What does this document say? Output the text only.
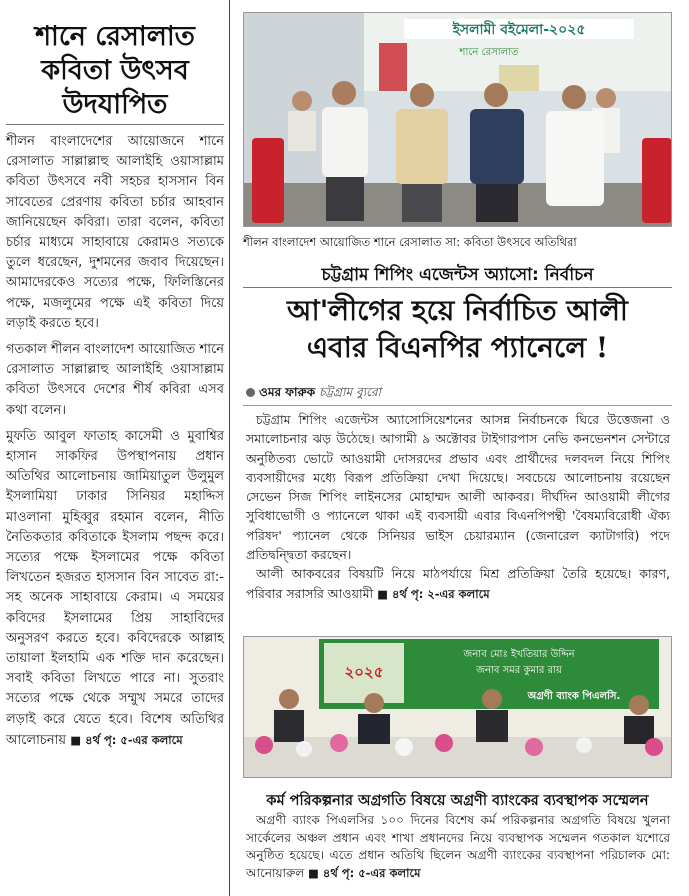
শানে রেসালাত
কবিতা উৎসব
উদযাপিত

শীলন বাংলাদেশের আয়োজনে শানে রেসালাত সাল্লাল্লাহু আলাইহি ওয়াসাল্লাম কবিতা উৎসবে নবী সহচর হাসসান বিন সাবেতের প্রেরণায় কবিতা চর্চার আহবান জানিয়েছেন কবিরা। তারা বলেন, কবিতা চর্চার মাধ্যমে সাহাবায়ে কেরামও সত্যকে তুলে ধরেছেন, দুশমনের জবাব দিয়েছেন। আমাদেরকেও সত্যের পক্ষে, ফিলিস্তিনের পক্ষে, মজলুমের পক্ষে এই কবিতা দিয়ে লড়াই করতে হবে।

গতকাল শীলন বাংলাদেশ আয়োজিত শানে রেসালাত সাল্লাল্লাহু আলাইহি ওয়াসাল্লাম কবিতা উৎসবে দেশের শীর্ষ কবিরা এসব কথা বলেন।

মুফতি আবুল ফাতাহ কাসেমী ও মুবাশ্বির হাসান সাকফির উপস্থাপনায় প্রধান অতিথির আলোচনায় জামিয়াতুল উলুমুল ইসলামিয়া ঢাকার সিনিয়র মহাদ্দিস মাওলানা মুহিব্বুর রহমান বলেন, নীতি নৈতিকতার কবিতাকে ইসলাম পছন্দ করে। সত্যের পক্ষে ইসলামের পক্ষে কবিতা লিখতেন হজরত হাসসান বিন সাবেত রা:-সহ অনেক সাহাবায়ে কেরাম। এ সময়ের কবিদের ইসলামের প্রিয় সাহাবিদের অনুসরণ করতে হবে। কবিদেরকে আল্লাহ তায়ালা ইলহামি এক শক্তি দান করেছেন। সবাই কবিতা লিখতে পারে না। সুতরাং সত্যের পক্ষে থেকে সম্মুখ সমরে তাদের লড়াই করে যেতে হবে। বিশেষ অতিথির আলোচনায় ■ ৪র্থ পৃ: ৫-এর কলামে

ইসলামী বইমেলা-২০২৫
শানে রেসালাত
শীলন বাংলাদেশ আয়োজিত শানে রেসালাত সা: কবিতা উৎসবে অতিথিরা
চট্টগ্রাম শিপিং এজেন্টস অ্যাসো: নির্বাচন
আ'লীগের হয়ে নির্বাচিত আলী
এবার বিএনপির প্যানেলে !
ওমর ফারুক চট্টগ্রাম ব্যুরো

চট্টগ্রাম শিপিং এজেন্টস অ্যাসোসিয়েশনের আসন্ন নির্বাচনকে ঘিরে উত্তেজনা ও সমালোচনার ঝড় উঠেছে। আগামী ৯ অক্টোবর টাইগারপাস নেভি কনভেনশন সেন্টারে অনুষ্ঠিতব্য ভোটে আওয়ামী দোসরদের প্রভাব এবং প্রার্থীদের দলবদল নিয়ে শিপিং ব্যবসায়ীদের মধ্যে বিরূপ প্রতিক্রিয়া দেখা দিয়েছে। সবচেয়ে আলোচনায় রয়েছেন সেভেন সিজ শিপিং লাইনসের মোহাম্মদ আলী আকবর। দীর্ঘদিন আওয়ামী লীগের সুবিধাভোগী ও প্যানেলে থাকা এই ব্যবসায়ী এবার বিএনপিপন্থী 'বৈষম্যবিরোধী ঐক্য পরিষদ' প্যানেল থেকে সিনিয়র ভাইস চেয়ারম্যান (জেনারেল ক্যাটাগরি) পদে প্রতিদ্বন্দ্বিতা করছেন।

আলী আকবরের বিষয়টি নিয়ে মাঠপর্যায়ে মিশ্র প্রতিক্রিয়া তৈরি হয়েছে। কারণ, পরিবার সরাসরি আওয়ামী ■ ৪র্থ পৃ: ২-এর কলামে

২০২৫
জনাব মোঃ ইখতিয়ার উদ্দিন
জনাব সমর কুমার রায়
অগ্রণী ব্যাংক পিএলসি.
কর্ম পরিকল্পনার অগ্রগতি বিষয়ে অগ্রণী ব্যাংকের ব্যবস্থাপক সম্মেলন

অগ্রণী ব্যাংক পিএলসির ১০০ দিনের বিশেষ কর্ম পরিকল্পনার অগ্রগতি বিষয়ে খুলনা সার্কেলের অঞ্চল প্রধান এবং শাখা প্রধানদের নিয়ে ব্যবস্থাপক সম্মেলন গতকাল যশোরে অনুষ্ঠিত হয়েছে। এতে প্রধান অতিথি ছিলেন অগ্রণী ব্যাংকের ব্যবস্থাপনা পরিচালক মো: আনোয়ারুল ■ ৪র্থ পৃ: ৫-এর কলামে
